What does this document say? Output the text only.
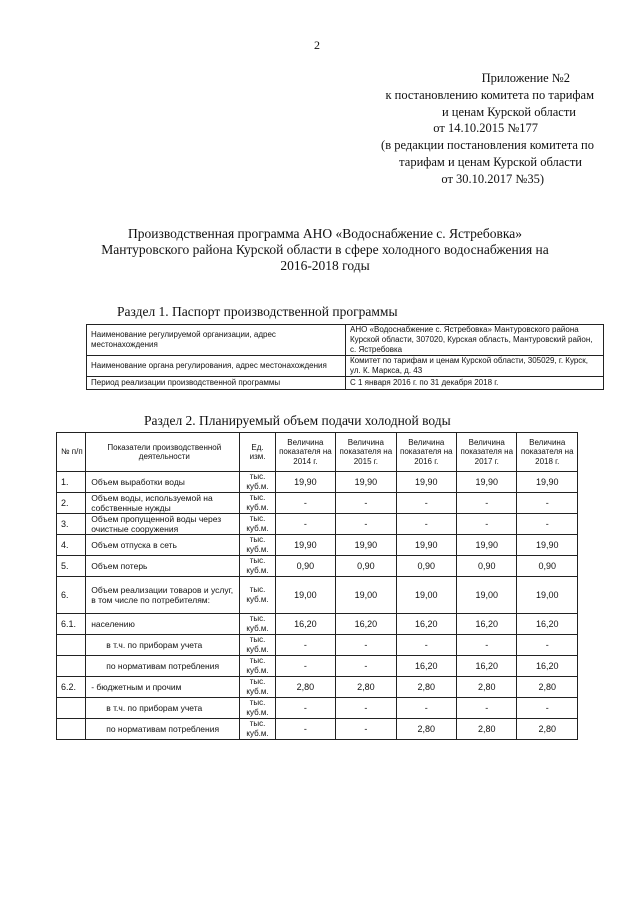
2
Приложение №2
к постановлению комитета по тарифам
и ценам Курской области
от 14.10.2015 №177
(в редакции постановления комитета по
тарифам и ценам Курской области
от 30.10.2017 №35)
Производственная программа АНО «Водоснабжение с. Ястребовка»
Мантуровского района Курской области в сфере холодного водоснабжения на
2016-2018 годы
Раздел 1. Паспорт производственной программы
Наименование регулируемой организации, адрес местонахождения	АНО «Водоснабжение с. Ястребовка» Мантуровского района Курской области, 307020, Курская область, Мантуровский район, с. Ястребовка
Наименование органа регулирования, адрес местонахождения	Комитет по тарифам и ценам Курской области, 305029, г. Курск, ул. К. Маркса, д. 43
Период реализации производственной программы	С 1 января 2016 г. по 31 декабря 2018 г.
Раздел 2. Планируемый объем подачи холодной воды
№ п/п	Показатели производственной деятельности	Ед. изм.	Величина показателя на 2014 г.	Величина показателя на 2015 г.	Величина показателя на 2016 г.	Величина показателя на 2017 г.	Величина показателя на 2018 г.
1.	Объем выработки воды	тыс. куб.м.	19,90	19,90	19,90	19,90	19,90
2.	Объем воды, используемой на собственные нужды	тыс. куб.м.	-	-	-	-	-
3.	Объем пропущенной воды через очистные сооружения	тыс. куб.м.	-	-	-	-	-
4.	Объем отпуска в сеть	тыс. куб.м.	19,90	19,90	19,90	19,90	19,90
5.	Объем потерь	тыс. куб.м.	0,90	0,90	0,90	0,90	0,90
6.	Объем реализации товаров и услуг, в том числе по потребителям:	тыс. куб.м.	19,00	19,00	19,00	19,00	19,00
6.1.	населению	тыс. куб.м.	16,20	16,20	16,20	16,20	16,20
	в т.ч. по приборам учета	тыс. куб.м.	-	-	-	-	-
	по нормативам потребления	тыс. куб.м.	-	-	16,20	16,20	16,20
6.2.	- бюджетным и прочим	тыс. куб.м.	2,80	2,80	2,80	2,80	2,80
	в т.ч. по приборам учета	тыс. куб.м.	-	-	-	-	-
	по нормативам потребления	тыс. куб.м.	-	-	2,80	2,80	2,80
